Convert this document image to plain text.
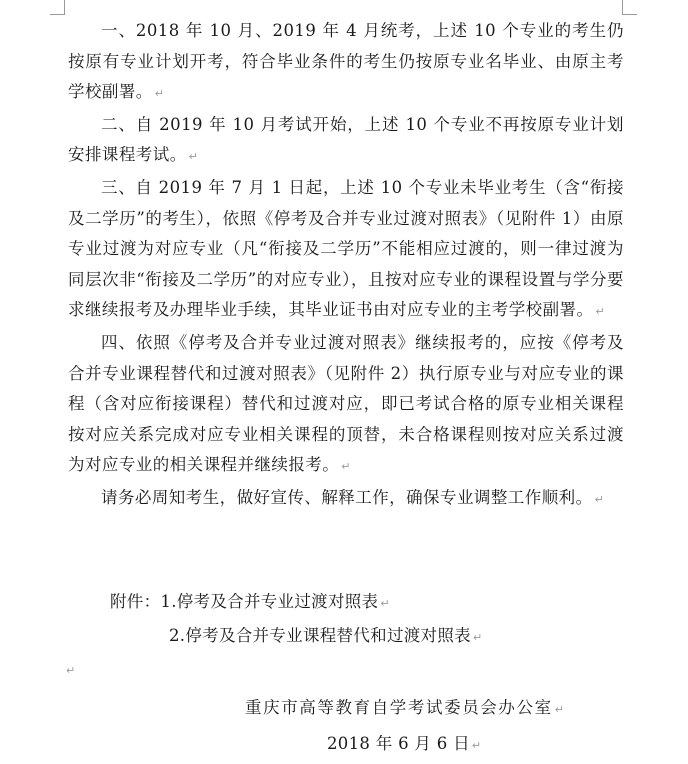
一、2018 年 10 月、2019 年 4 月统考，上述 10 个专业的考生仍按原有专业计划开考，符合毕业条件的考生仍按原专业名毕业、由原主考学校副署。 ↵

二、自 2019 年 10 月考试开始，上述 10 个专业不再按原专业计划安排课程考试。 ↵

三、自 2019 年 7 月 1 日起，上述 10 个专业未毕业考生（含“衔接及二学历”的考生），依照《停考及合并专业过渡对照表》（见附件 1）由原专业过渡为对应专业（凡“衔接及二学历”不能相应过渡的，则一律过渡为同层次非“衔接及二学历”的对应专业），且按对应专业的课程设置与学分要求继续报考及办理毕业手续，其毕业证书由对应专业的主考学校副署。 ↵

四、依照《停考及合并专业过渡对照表》继续报考的，应按《停考及合并专业课程替代和过渡对照表》（见附件 2）执行原专业与对应专业的课程（含对应衔接课程）替代和过渡对应，即已考试合格的原专业相关课程按对应关系完成对应专业相关课程的顶替，未合格课程则按对应关系过渡为对应专业的相关课程并继续报考。 ↵

请务必周知考生，做好宣传、解释工作，确保专业调整工作顺利。 ↵

附件：1.停考及合并专业过渡对照表 ↵
2.停考及合并专业课程替代和过渡对照表 ↵
↵
重庆市高等教育自学考试委员会办公室 ↵
2018 年 6 月 6 日 ↵
